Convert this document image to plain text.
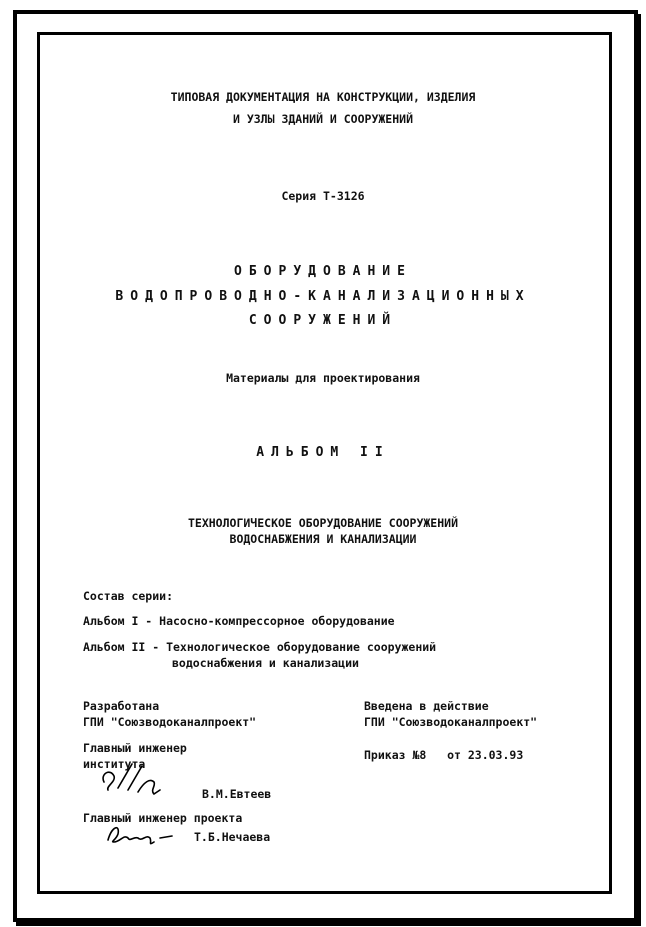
ТИПОВАЯ ДОКУМЕНТАЦИЯ НА КОНСТРУКЦИИ, ИЗДЕЛИЯ
И УЗЛЫ ЗДАНИЙ И СООРУЖЕНИЙ
Серия Т-3126
ОБОРУДОВАНИЕ
ВОДОПРОВОДНО-КАНАЛИЗАЦИОННЫХ
СООРУЖЕНИЙ
Материалы для проектирования
АЛЬБОМ II
ТЕХНОЛОГИЧЕСКОЕ ОБОРУДОВАНИЕ СООРУЖЕНИЙ
ВОДОСНАБЖЕНИЯ И КАНАЛИЗАЦИИ
Состав серии:
Альбом I - Насосно-компрессорное оборудование
Альбом II - Технологическое оборудование сооружений
водоснабжения и канализации
Разработана
ГПИ "Союзводоканалпроект"
Главный инженер
института
В.М.Евтеев
Главный инженер проекта
Т.Б.Нечаева
Введена в действие
ГПИ "Союзводоканалпроект"
Приказ №8   от 23.03.93
